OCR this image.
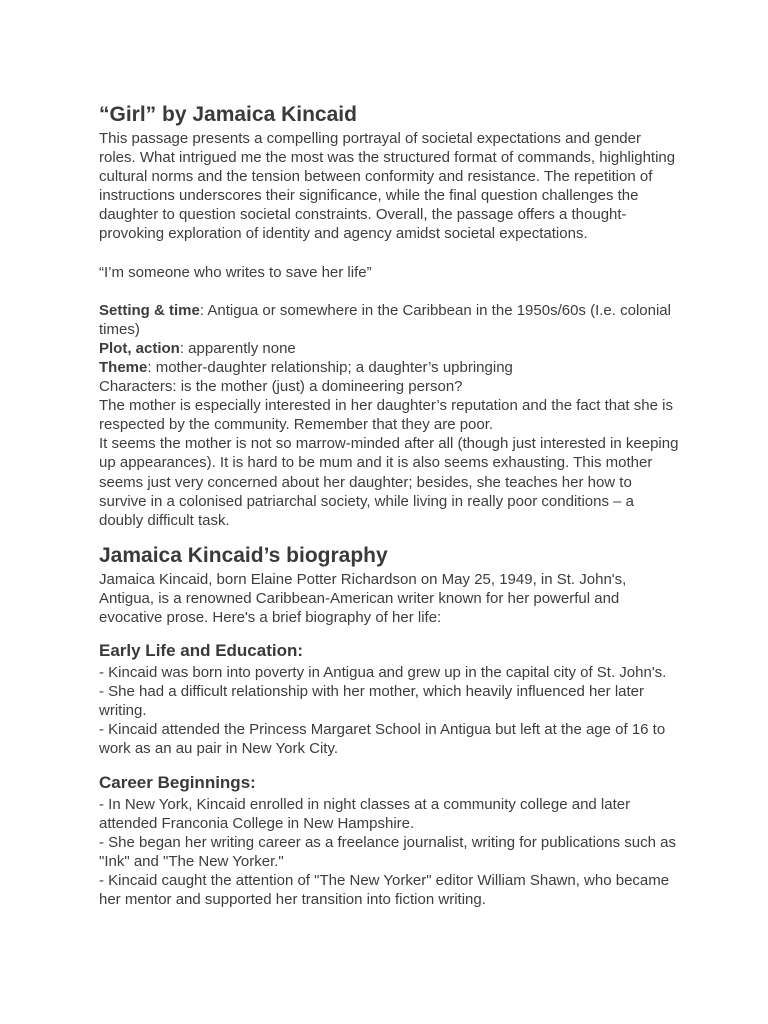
“Girl” by Jamaica Kincaid

This passage presents a compelling portrayal of societal expectations and gender roles. What intrigued me the most was the structured format of commands, highlighting cultural norms and the tension between conformity and resistance. The repetition of instructions underscores their significance, while the final question challenges the daughter to question societal constraints. Overall, the passage offers a thought-provoking exploration of identity and agency amidst societal expectations.

“I’m someone who writes to save her life”

Setting & time: Antigua or somewhere in the Caribbean in the 1950s/60s (I.e. colonial times)

Plot, action: apparently none

Theme: mother-daughter relationship; a daughter’s upbringing

Characters: is the mother (just) a domineering person?

The mother is especially interested in her daughter’s reputation and the fact that she is respected by the community. Remember that they are poor.

It seems the mother is not so marrow-minded after all (though just interested in keeping up appearances). It is hard to be mum and it is also seems exhausting. This mother seems just very concerned about her daughter; besides, she teaches her how to survive in a colonised patriarchal society, while living in really poor conditions – a doubly difficult task.

Jamaica Kincaid’s biography

Jamaica Kincaid, born Elaine Potter Richardson on May 25, 1949, in St. John's, Antigua, is a renowned Caribbean-American writer known for her powerful and evocative prose. Here's a brief biography of her life:

Early Life and Education:

- Kincaid was born into poverty in Antigua and grew up in the capital city of St. John's.

- She had a difficult relationship with her mother, which heavily influenced her later writing.

- Kincaid attended the Princess Margaret School in Antigua but left at the age of 16 to work as an au pair in New York City.

Career Beginnings:

- In New York, Kincaid enrolled in night classes at a community college and later attended Franconia College in New Hampshire.

- She began her writing career as a freelance journalist, writing for publications such as "Ink" and "The New Yorker."

- Kincaid caught the attention of "The New Yorker" editor William Shawn, who became her mentor and supported her transition into fiction writing.
